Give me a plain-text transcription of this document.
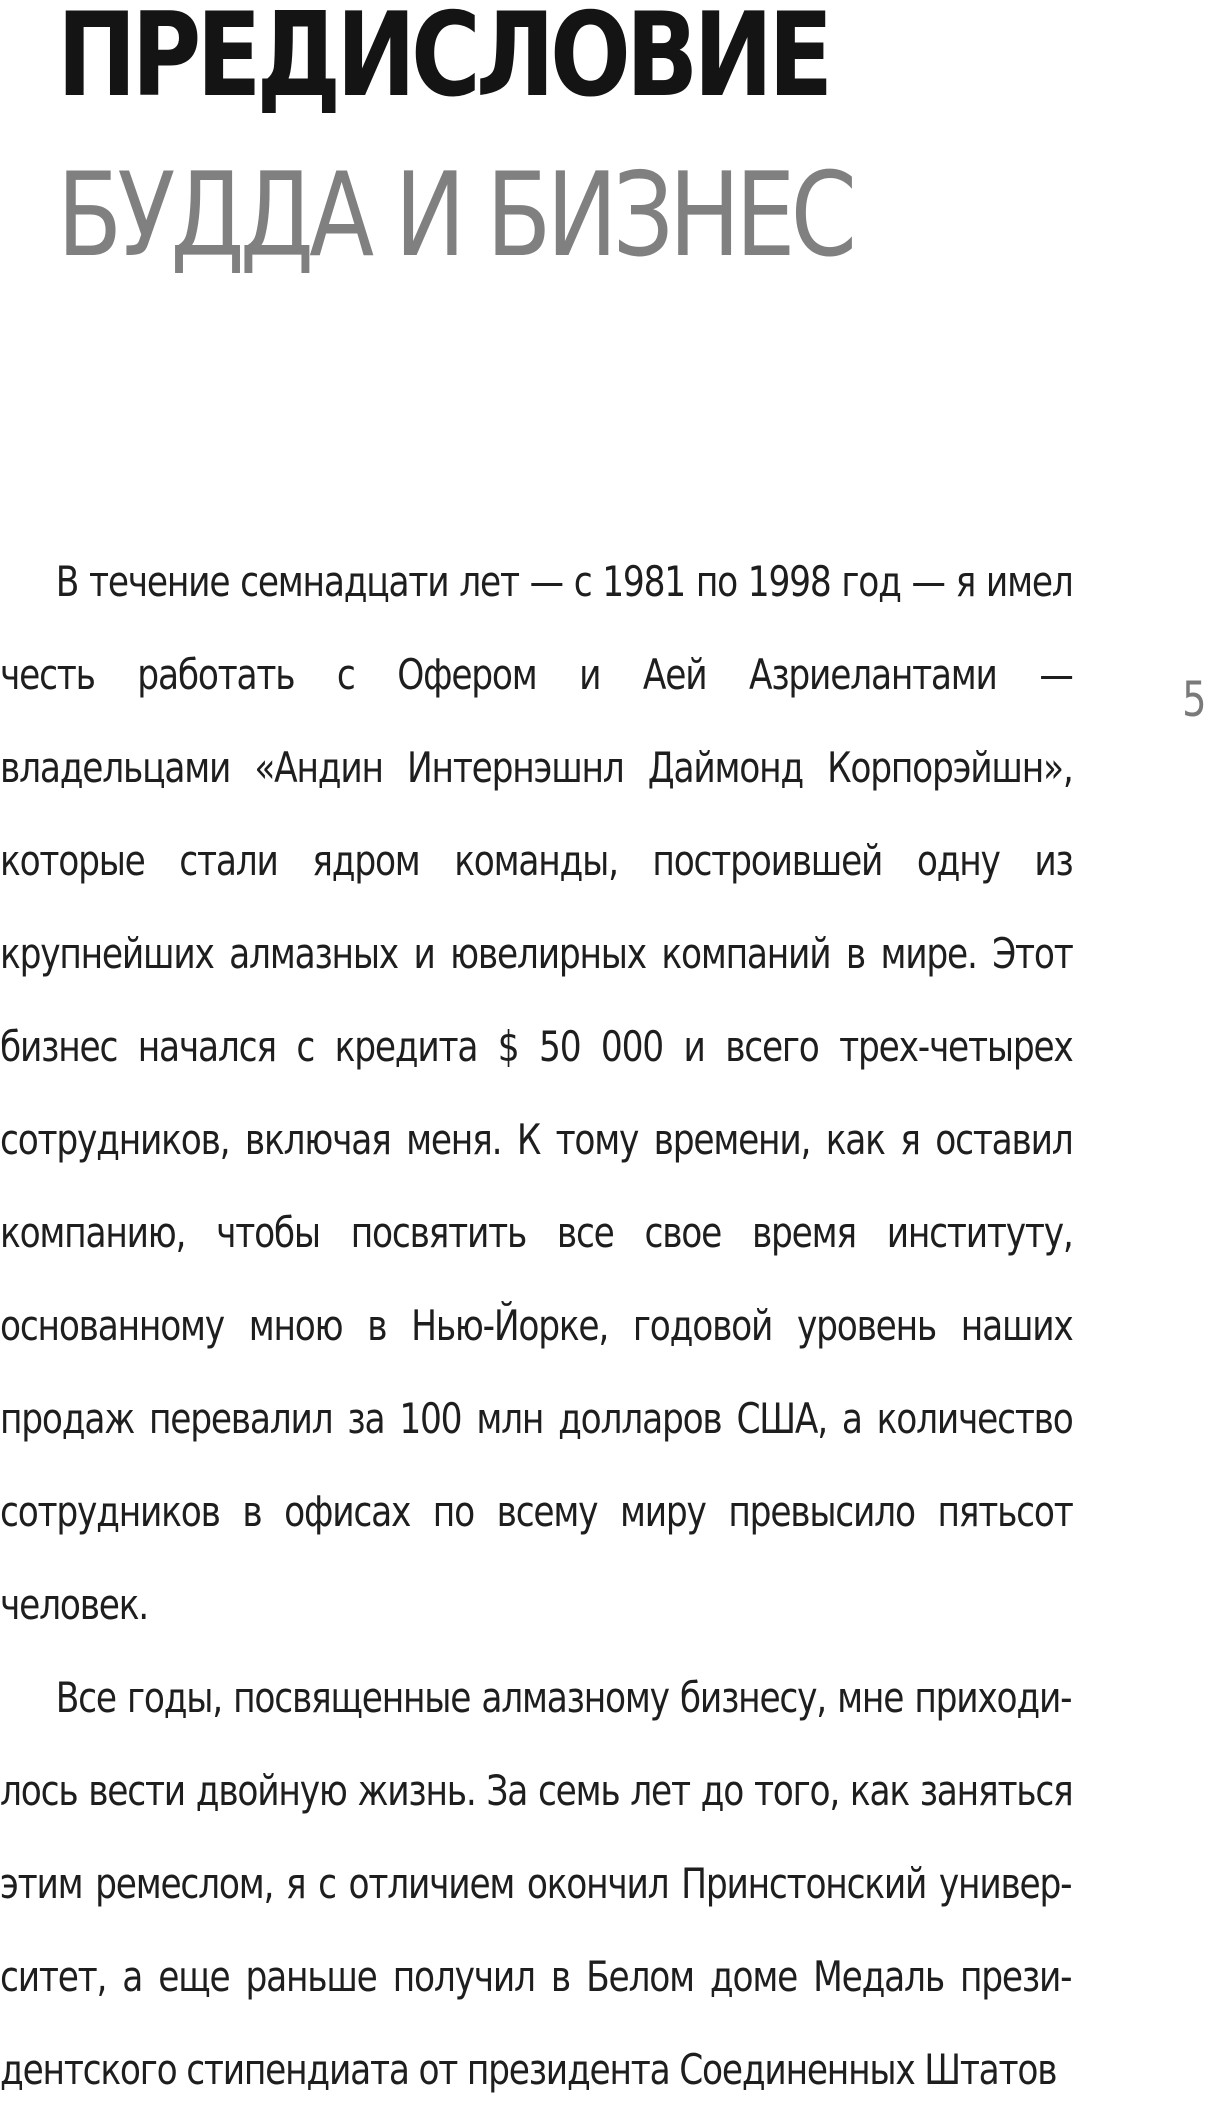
ПРЕДИСЛОВИЕ
БУДДА И БИЗНЕС
5

В течение семнадцати лет — с 1981 по 1998 год — я имел честь работать с Офером и Аей Азриелантами — владельцами «Андин Интернэшнл Даймонд Корпорэйшн», которые стали ядром команды, построившей одну из крупнейших алмазных и ювелирных компаний в мире. Этот бизнес начался с кредита $ 50 000 и всего трех-четырех сотрудников, включая меня. К тому времени, как я оставил компанию, чтобы посвятить все свое время институту, основанному мною в Нью-Йорке, годовой уровень наших продаж перевалил за 100 млн долларов США, а количество сотрудников в офисах по всему миру превысило пятьсот человек.

Все годы, посвященные алмазному бизнесу, мне приходилось вести двойную жизнь. За семь лет до того, как заняться этим ремеслом, я с отличием окончил Принстонский университет, а еще раньше получил в Белом доме Медаль президентского стипендиата от президента Соединенных Штатов
